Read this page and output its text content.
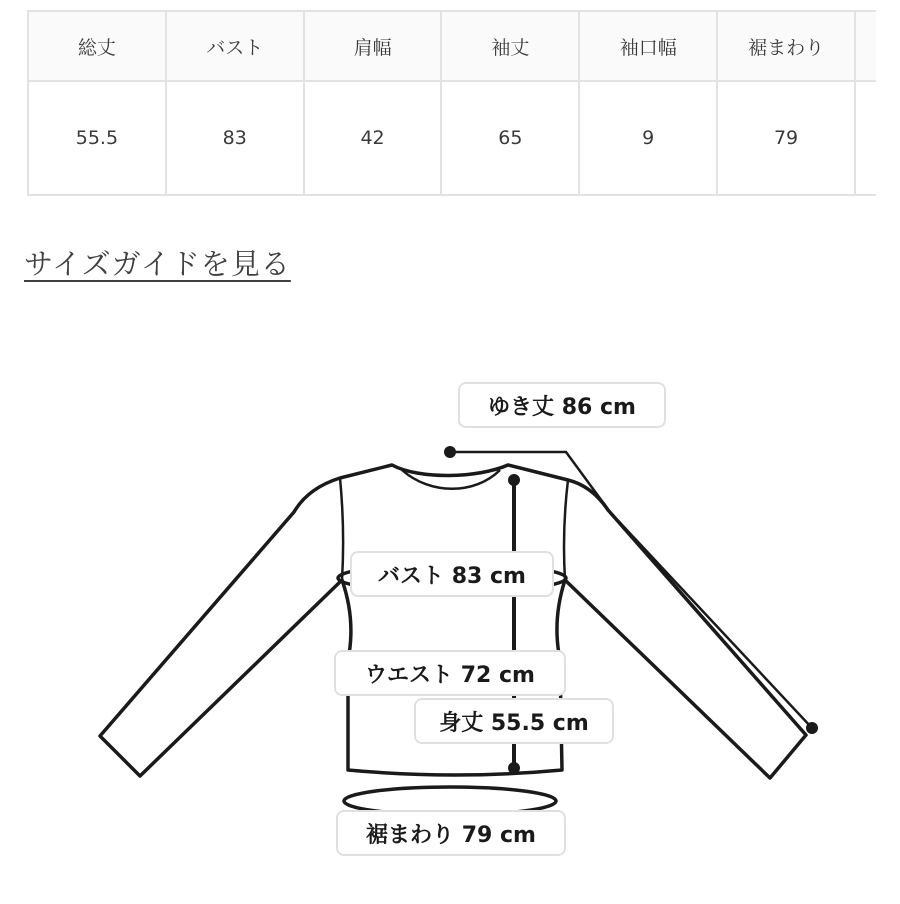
総丈	バスト	肩幅	袖丈	袖口幅	裾まわり	
55.5	83	42	65	9	79	
サイズガイドを見る
ゆき丈 86 cm
バスト 83 cm
ウエスト 72 cm
身丈 55.5 cm
裾まわり 79 cm
